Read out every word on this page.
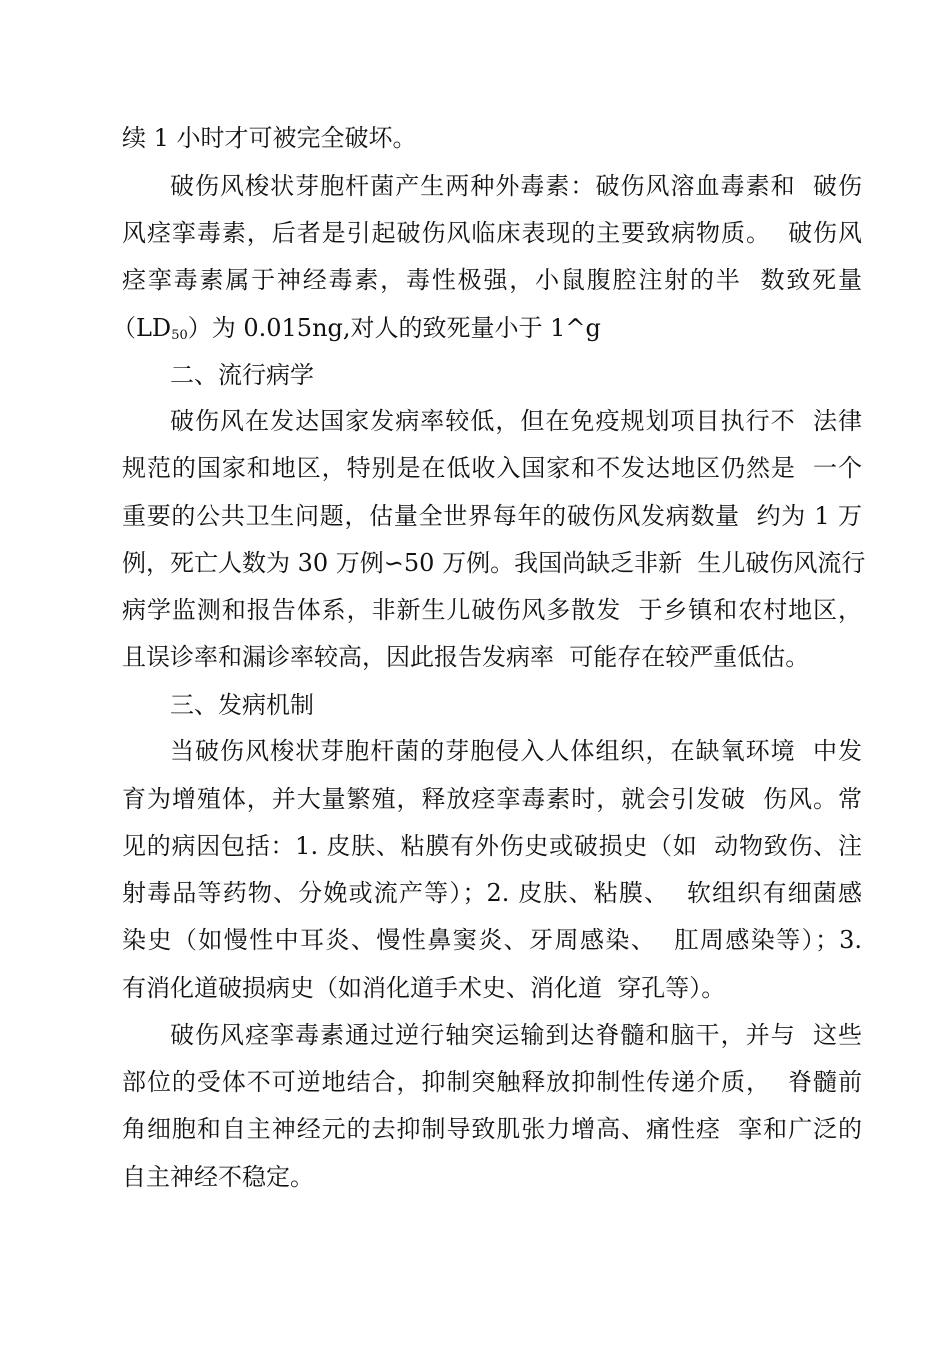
续 1 小时才可被完全破坏。
破伤风梭状芽胞杆菌产生两种外毒素：破伤风溶血毒素和  破伤
风痉挛毒素，后者是引起破伤风临床表现的主要致病物质。  破伤风
痉挛毒素属于神经毒素，毒性极强，小鼠腹腔注射的半  数致死量
$(LD_{50})$为 0.015ng,对人的致死量小于 1^g
二、流行病学
破伤风在发达国家发病率较低，但在免疫规划项目执行不  法律
规范的国家和地区，特别是在低收入国家和不发达地区仍然是  一个
重要的公共卫生问题，估量全世界每年的破伤风发病数量  约为 1 万
例，死亡人数为 30 万例∽50 万例。我国尚缺乏非新  生儿破伤风流行
病学监测和报告体系，非新生儿破伤风多散发  于乡镇和农村地区，
且误诊率和漏诊率较高，因此报告发病率  可能存在较严重低估。
三、发病机制
当破伤风梭状芽胞杆菌的芽胞侵入人体组织，在缺氧环境  中发
育为增殖体，并大量繁殖，释放痉挛毒素时，就会引发破  伤风。常
见的病因包括：1. 皮肤、粘膜有外伤史或破损史（如  动物致伤、注
射毒品等药物、分娩或流产等）；2. 皮肤、粘膜、  软组织有细菌感
染史（如慢性中耳炎、慢性鼻窦炎、牙周感染、  肛周感染等）；3.
有消化道破损病史（如消化道手术史、消化道  穿孔等）。
破伤风痉挛毒素通过逆行轴突运输到达脊髓和脑干，并与  这些
部位的受体不可逆地结合，抑制突触释放抑制性传递介质，  脊髓前
角细胞和自主神经元的去抑制导致肌张力增高、痛性痉  挛和广泛的
自主神经不稳定。
